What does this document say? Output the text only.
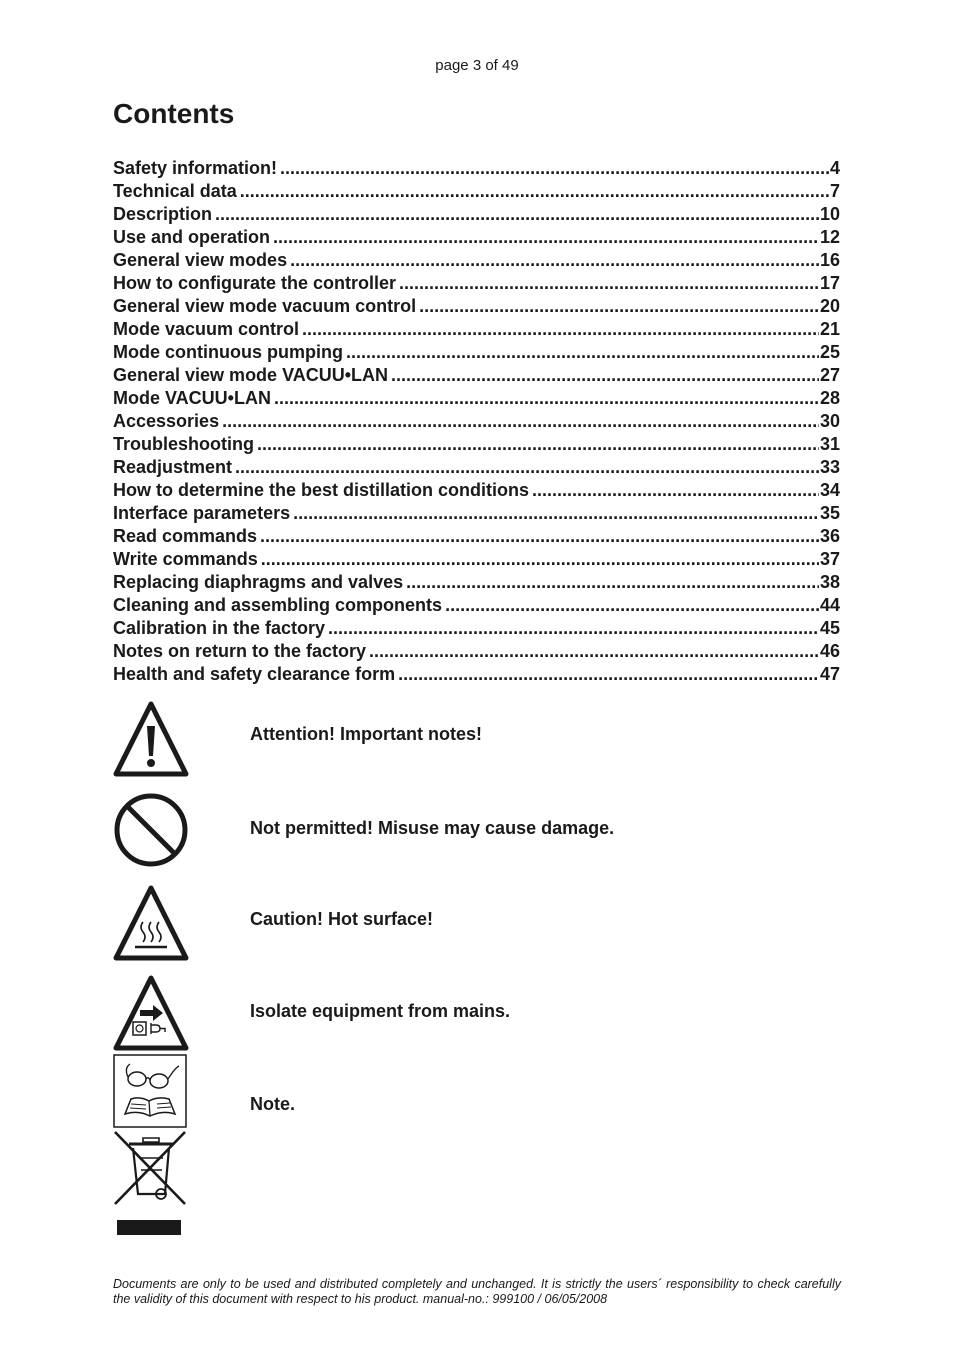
page 3 of 49
Contents
Safety information! .....	4
Technical data .....	7
Description .....	10
Use and operation .....	12
General view modes .....	16
How to configurate the controller .....	17
General view mode vacuum control .....	20
Mode vacuum control .....	21
Mode continuous pumping .....	25
General view mode VACUU•LAN .....	27
Mode VACUU•LAN .....	28
Accessories .....	30
Troubleshooting .....	31
Readjustment .....	33
How to determine the best distillation conditions .....	34
Interface parameters .....	35
Read commands .....	36
Write commands .....	37
Replacing diaphragms and valves .....	38
Cleaning and assembling components .....	44
Calibration in the factory .....	45
Notes on return to the factory .....	46
Health and safety clearance form .....	47
Attention! Important notes!
Not permitted! Misuse may cause damage.
Caution! Hot surface!
Isolate equipment from mains.
Note.
Documents are only to be used and distributed completely and unchanged. It is strictly the users´ responsibility to check carefully the validity of this document with respect to his product. manual-no.: 999100 / 06/05/2008
